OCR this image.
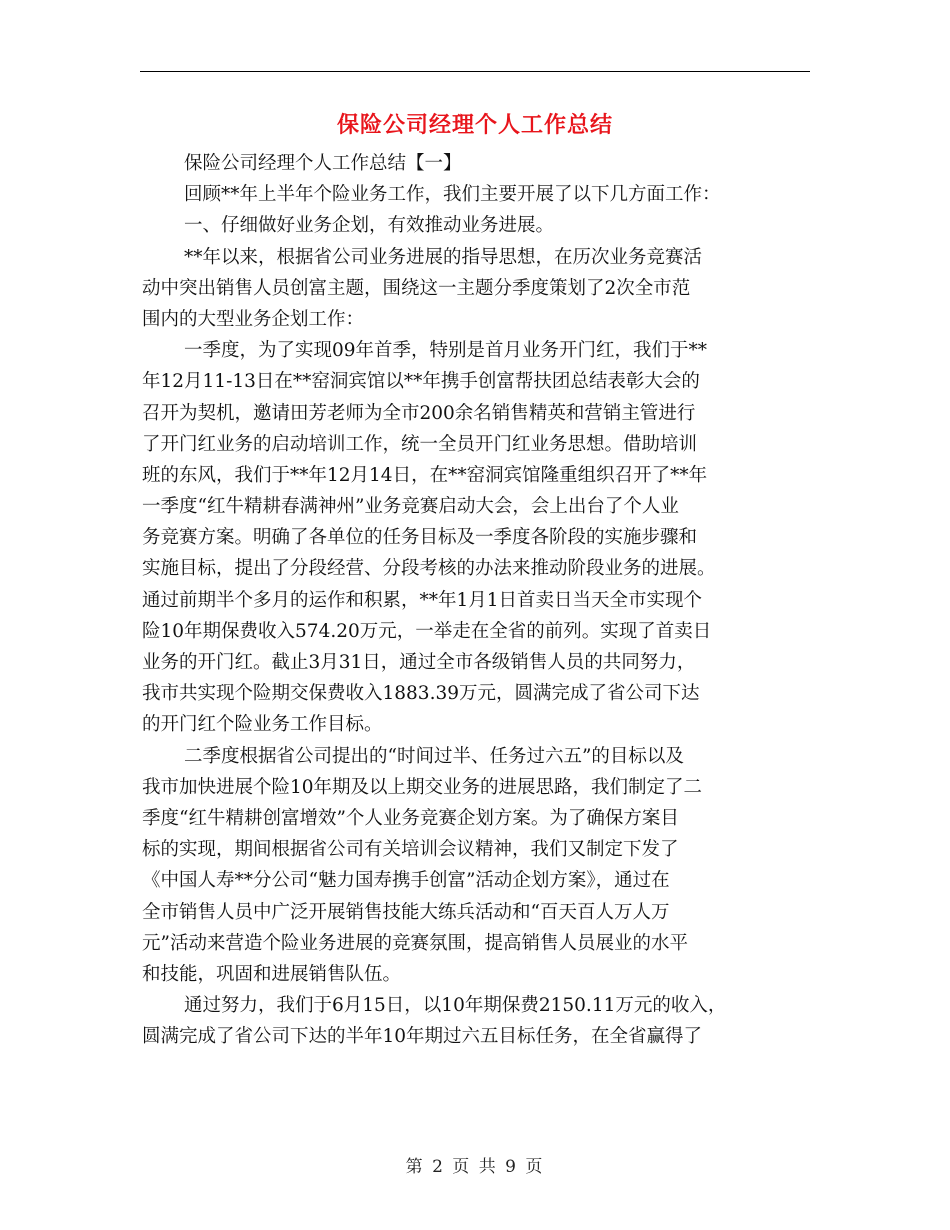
保险公司经理个人工作总结
保险公司经理个人工作总结【一】
回顾**年上半年个险业务工作，我们主要开展了以下几方面工作：
一、仔细做好业务企划，有效推动业务进展。
**年以来，根据省公司业务进展的指导思想，在历次业务竞赛活
动中突出销售人员创富主题，围绕这一主题分季度策划了2次全市范
围内的大型业务企划工作：
一季度，为了实现09年首季，特别是首月业务开门红，我们于**
年12月11-13日在**窑洞宾馆以**年携手创富帮扶团总结表彰大会的
召开为契机，邀请田芳老师为全市200余名销售精英和营销主管进行
了开门红业务的启动培训工作，统一全员开门红业务思想。借助培训
班的东风，我们于**年12月14日，在**窑洞宾馆隆重组织召开了**年
一季度“红牛精耕春满神州”业务竞赛启动大会，会上出台了个人业
务竞赛方案。明确了各单位的任务目标及一季度各阶段的实施步骤和
实施目标，提出了分段经营、分段考核的办法来推动阶段业务的进展。
通过前期半个多月的运作和积累，**年1月1日首卖日当天全市实现个
险10年期保费收入574.20万元，一举走在全省的前列。实现了首卖日
业务的开门红。截止3月31日，通过全市各级销售人员的共同努力，
我市共实现个险期交保费收入1883.39万元，圆满完成了省公司下达
的开门红个险业务工作目标。
二季度根据省公司提出的“时间过半、任务过六五”的目标以及
我市加快进展个险10年期及以上期交业务的进展思路，我们制定了二
季度“红牛精耕创富增效”个人业务竞赛企划方案。为了确保方案目
标的实现，期间根据省公司有关培训会议精神，我们又制定下发了
《中国人寿**分公司“魅力国寿携手创富”活动企划方案》，通过在
全市销售人员中广泛开展销售技能大练兵活动和“百天百人万人万
元”活动来营造个险业务进展的竞赛氛围，提高销售人员展业的水平
和技能，巩固和进展销售队伍。
通过努力，我们于6月15日，以10年期保费2150.11万元的收入，
圆满完成了省公司下达的半年10年期过六五目标任务，在全省赢得了
第 2 页 共 9 页
